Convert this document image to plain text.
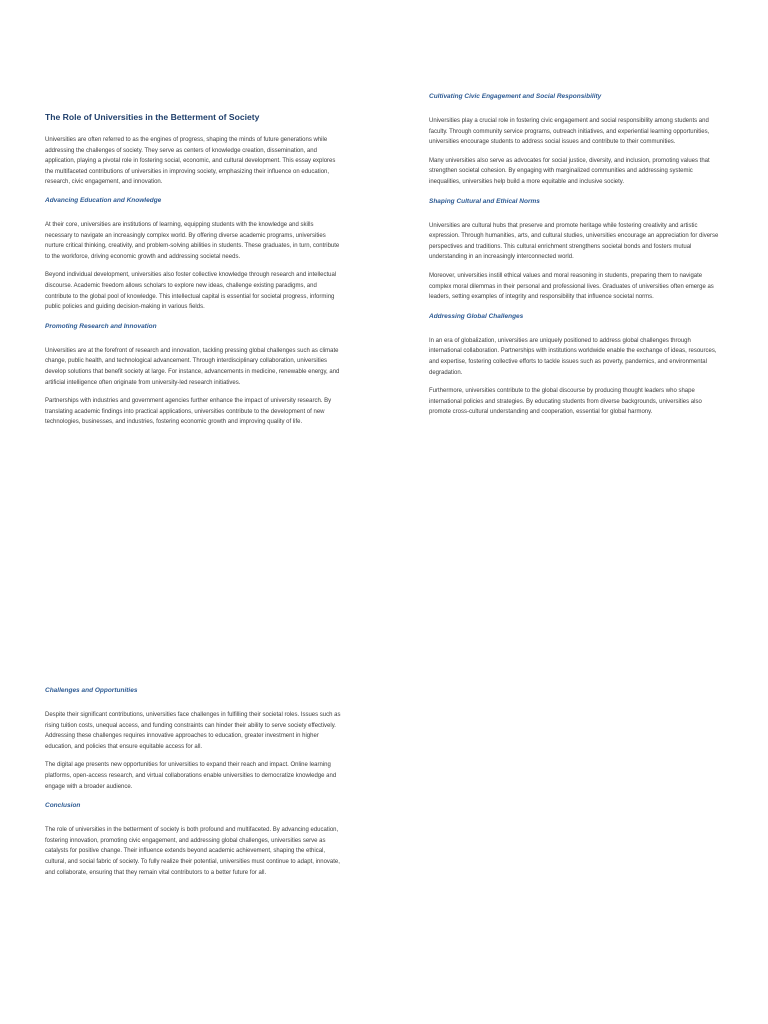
The Role of Universities in the Betterment of Society

Universities are often referred to as the engines of progress, shaping the minds of future generations while addressing the challenges of society. They serve as centers of knowledge creation, dissemination, and application, playing a pivotal role in fostering social, economic, and cultural development. This essay explores the multifaceted contributions of universities in improving society, emphasizing their influence on education, research, civic engagement, and innovation.

Advancing Education and Knowledge

At their core, universities are institutions of learning, equipping students with the knowledge and skills necessary to navigate an increasingly complex world. By offering diverse academic programs, universities nurture critical thinking, creativity, and problem-solving abilities in students. These graduates, in turn, contribute to the workforce, driving economic growth and addressing societal needs.

Beyond individual development, universities also foster collective knowledge through research and intellectual discourse. Academic freedom allows scholars to explore new ideas, challenge existing paradigms, and contribute to the global pool of knowledge. This intellectual capital is essential for societal progress, informing public policies and guiding decision-making in various fields.

Promoting Research and Innovation

Universities are at the forefront of research and innovation, tackling pressing global challenges such as climate change, public health, and technological advancement. Through interdisciplinary collaboration, universities develop solutions that benefit society at large. For instance, advancements in medicine, renewable energy, and artificial intelligence often originate from university-led research initiatives.

Partnerships with industries and government agencies further enhance the impact of university research. By translating academic findings into practical applications, universities contribute to the development of new technologies, businesses, and industries, fostering economic growth and improving quality of life.

Cultivating Civic Engagement and Social Responsibility

Universities play a crucial role in fostering civic engagement and social responsibility among students and faculty. Through community service programs, outreach initiatives, and experiential learning opportunities, universities encourage students to address social issues and contribute to their communities.

Many universities also serve as advocates for social justice, diversity, and inclusion, promoting values that strengthen societal cohesion. By engaging with marginalized communities and addressing systemic inequalities, universities help build a more equitable and inclusive society.

Shaping Cultural and Ethical Norms

Universities are cultural hubs that preserve and promote heritage while fostering creativity and artistic expression. Through humanities, arts, and cultural studies, universities encourage an appreciation for diverse perspectives and traditions. This cultural enrichment strengthens societal bonds and fosters mutual understanding in an increasingly interconnected world.

Moreover, universities instill ethical values and moral reasoning in students, preparing them to navigate complex moral dilemmas in their personal and professional lives. Graduates of universities often emerge as leaders, setting examples of integrity and responsibility that influence societal norms.

Addressing Global Challenges

In an era of globalization, universities are uniquely positioned to address global challenges through international collaboration. Partnerships with institutions worldwide enable the exchange of ideas, resources, and expertise, fostering collective efforts to tackle issues such as poverty, pandemics, and environmental degradation.

Furthermore, universities contribute to the global discourse by producing thought leaders who shape international policies and strategies. By educating students from diverse backgrounds, universities also promote cross-cultural understanding and cooperation, essential for global harmony.

Challenges and Opportunities

Despite their significant contributions, universities face challenges in fulfilling their societal roles. Issues such as rising tuition costs, unequal access, and funding constraints can hinder their ability to serve society effectively. Addressing these challenges requires innovative approaches to education, greater investment in higher education, and policies that ensure equitable access for all.

The digital age presents new opportunities for universities to expand their reach and impact. Online learning platforms, open-access research, and virtual collaborations enable universities to democratize knowledge and engage with a broader audience.

Conclusion

The role of universities in the betterment of society is both profound and multifaceted. By advancing education, fostering innovation, promoting civic engagement, and addressing global challenges, universities serve as catalysts for positive change. Their influence extends beyond academic achievement, shaping the ethical, cultural, and social fabric of society. To fully realize their potential, universities must continue to adapt, innovate, and collaborate, ensuring that they remain vital contributors to a better future for all.
